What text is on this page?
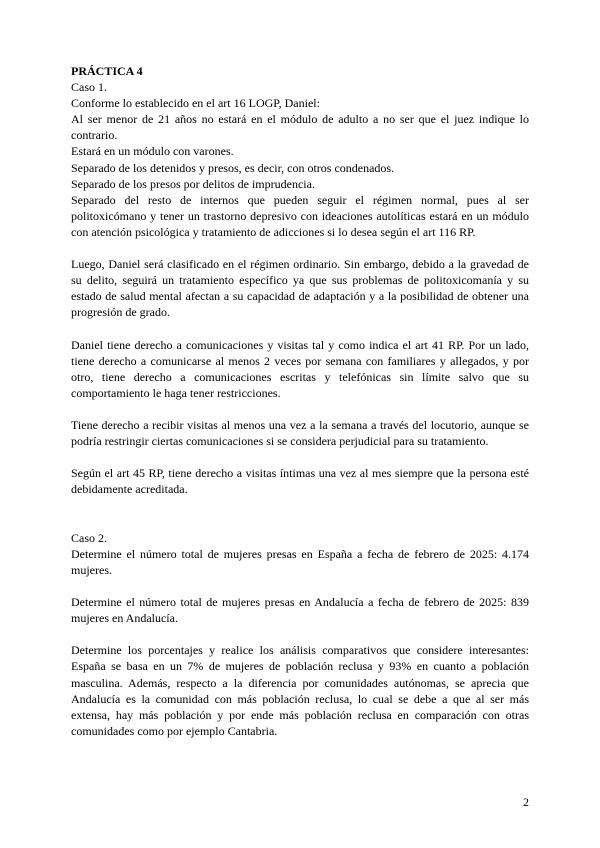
PRÁCTICA 4

Caso 1.

Conforme lo establecido en el art 16 LOGP, Daniel:

Al ser menor de 21 años no estará en el módulo de adulto a no ser que el juez indique lo contrario.

Estará en un módulo con varones.

Separado de los detenidos y presos, es decir, con otros condenados.

Separado de los presos por delitos de imprudencia.

Separado del resto de internos que pueden seguir el régimen normal, pues al ser politoxicómano y tener un trastorno depresivo con ideaciones autolíticas estará en un módulo con atención psicológica y tratamiento de adicciones si lo desea según el art 116 RP.

Luego, Daniel será clasificado en el régimen ordinario. Sin embargo, debido a la gravedad de su delito, seguirá un tratamiento específico ya que sus problemas de politoxicomanía y su estado de salud mental afectan a su capacidad de adaptación y a la posibilidad de obtener una progresión de grado.

Daniel tiene derecho a comunicaciones y visitas tal y como indica el art 41 RP. Por un lado, tiene derecho a comunicarse al menos 2 veces por semana con familiares y allegados, y por otro, tiene derecho a comunicaciones escritas y telefónicas sin límite salvo que su comportamiento le haga tener restricciones.

Tiene derecho a recibir visitas al menos una vez a la semana a través del locutorio, aunque se podría restringir ciertas comunicaciones si se considera perjudicial para su tratamiento.

Según el art 45 RP, tiene derecho a visitas íntimas una vez al mes siempre que la persona esté debidamente acreditada.

Caso 2.

Determine el número total de mujeres presas en España a fecha de febrero de 2025: 4.174 mujeres.

Determine el número total de mujeres presas en Andalucía a fecha de febrero de 2025: 839 mujeres en Andalucía.

Determine los porcentajes y realice los análisis comparativos que considere interesantes: España se basa en un 7% de mujeres de población reclusa y 93% en cuanto a población masculina. Además, respecto a la diferencia por comunidades autónomas, se aprecia que Andalucía es la comunidad con más población reclusa, lo cual se debe a que al ser más extensa, hay más población y por ende más población reclusa en comparación con otras comunidades como por ejemplo Cantabria.

2
